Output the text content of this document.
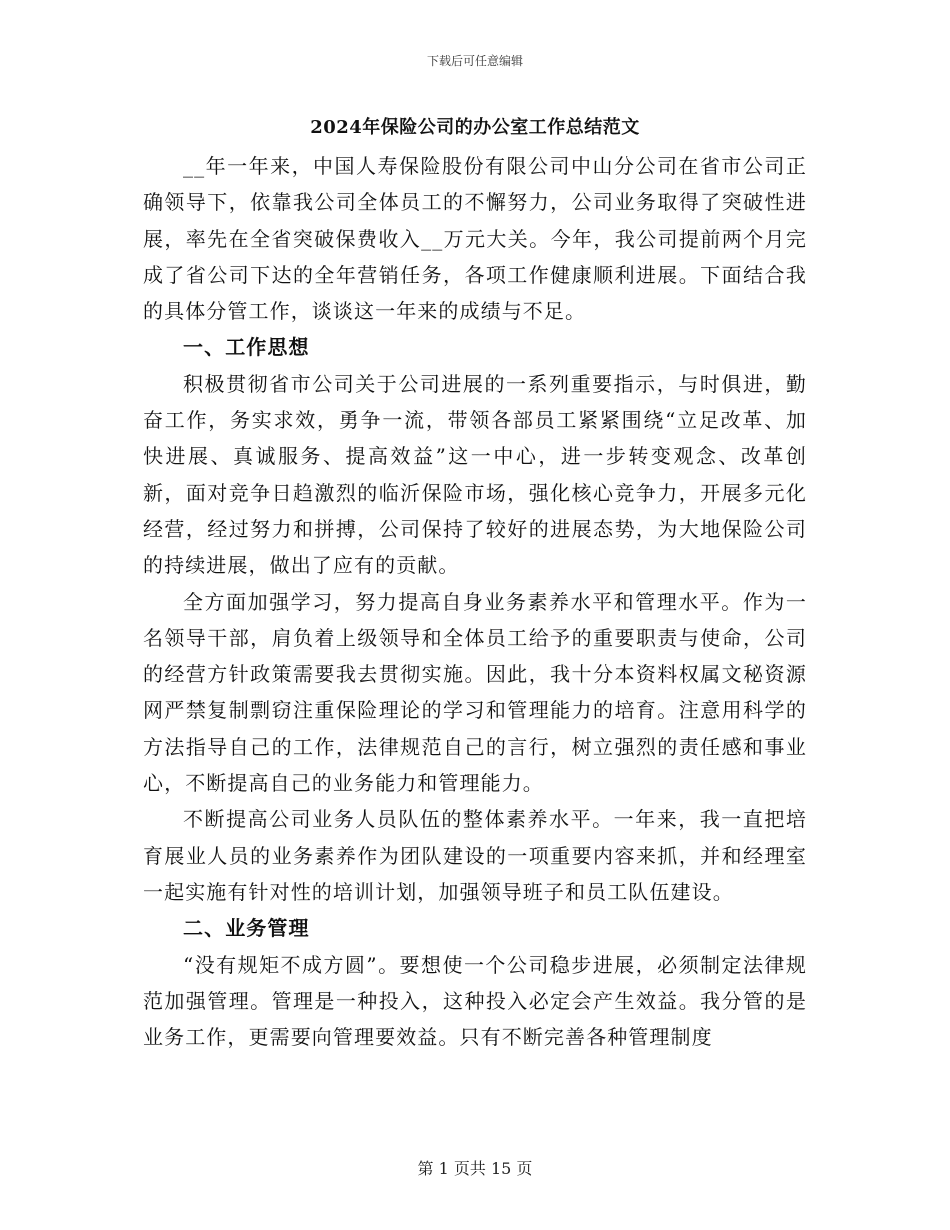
下载后可任意编辑
2024年保险公司的办公室工作总结范文

__年一年来，中国人寿保险股份有限公司中山分公司在省市公司正确领导下，依靠我公司全体员工的不懈努力，公司业务取得了突破性进展，率先在全省突破保费收入__万元大关。今年，我公司提前两个月完成了省公司下达的全年营销任务，各项工作健康顺利进展。下面结合我的具体分管工作，谈谈这一年来的成绩与不足。

一、工作思想

积极贯彻省市公司关于公司进展的一系列重要指示，与时俱进，勤奋工作，务实求效，勇争一流，带领各部员工紧紧围绕“立足改革、加快进展、真诚服务、提高效益”这一中心，进一步转变观念、改革创新，面对竞争日趋激烈的临沂保险市场，强化核心竞争力，开展多元化经营，经过努力和拼搏，公司保持了较好的进展态势，为大地保险公司的持续进展，做出了应有的贡献。

全方面加强学习，努力提高自身业务素养水平和管理水平。作为一名领导干部，肩负着上级领导和全体员工给予的重要职责与使命，公司的经营方针政策需要我去贯彻实施。因此，我十分本资料权属文秘资源网严禁复制剽窃注重保险理论的学习和管理能力的培育。注意用科学的方法指导自己的工作，法律规范自己的言行，树立强烈的责任感和事业心，不断提高自己的业务能力和管理能力。

不断提高公司业务人员队伍的整体素养水平。一年来，我一直把培育展业人员的业务素养作为团队建设的一项重要内容来抓，并和经理室一起实施有针对性的培训计划，加强领导班子和员工队伍建设。

二、业务管理

“没有规矩不成方圆”。要想使一个公司稳步进展，必须制定法律规范加强管理。管理是一种投入，这种投入必定会产生效益。我分管的是业务工作，更需要向管理要效益。只有不断完善各种管理制度

第 1 页共 15 页
